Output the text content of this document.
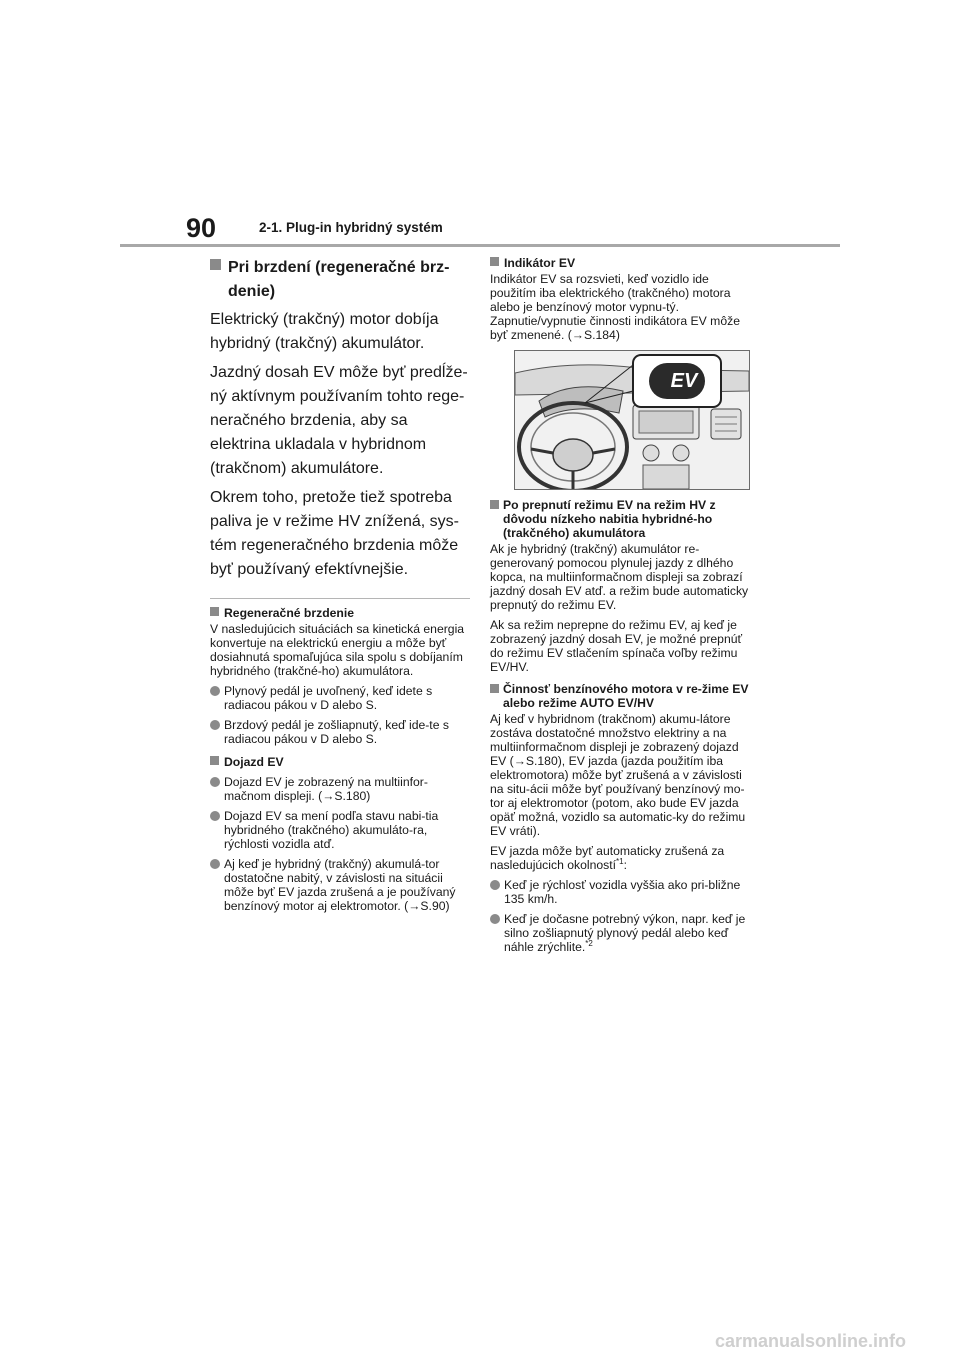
90	2-1. Plug-in hybridný systém
Pri brzdení (regeneračné brz-
denie)

Elektrický (trakčný) motor dobíja hybridný (trakčný) akumulátor.

Jazdný dosah EV môže byť predĺže-ný aktívnym používaním tohto rege-neračného brzdenia, aby sa elektrina ukladala v hybridnom (trakčnom) akumulátore.

Okrem toho, pretože tiež spotreba paliva je v režime HV znížená, sys-tém regeneračného brzdenia môže byť používaný efektívnejšie.

Regeneračné brzdenie

V nasledujúcich situáciách sa kinetická energia konvertuje na elektrickú energiu a môže byť dosiahnutá spomaľujúca sila spolu s dobíjaním hybridného (trakčné-ho) akumulátora.

Plynový pedál je uvoľnený, keď idete s radiacou pákou v D alebo S.
Brzdový pedál je zošliapnutý, keď ide-te s radiacou pákou v D alebo S.
Dojazd EV
Dojazd EV je zobrazený na multiinfor-mačnom displeji. (→S.180)
Dojazd EV sa mení podľa stavu nabi-tia hybridného (trakčného) akumuláto-ra, rýchlosti vozidla atď.
Aj keď je hybridný (trakčný) akumulá-tor dostatočne nabitý, v závislosti na situácii môže byť EV jazda zrušená a je používaný benzínový motor aj elektromotor. (→S.90)
Indikátor EV

Indikátor EV sa rozsvieti, keď vozidlo ide použitím iba elektrického (trakčného) motora alebo je benzínový motor vypnu-tý. Zapnutie/vypnutie činnosti indikátora EV môže byť zmenené. (→S.184)

EV
Po prepnutí režimu EV na režim HV z dôvodu nízkeho nabitia hybridné-ho (trakčného) akumulátora

Ak je hybridný (trakčný) akumulátor re-generovaný pomocou plynulej jazdy z dlhého kopca, na multiinformačnom displeji sa zobrazí jazdný dosah EV atď. a režim bude automaticky prepnutý do režimu EV.

Ak sa režim neprepne do režimu EV, aj keď je zobrazený jazdný dosah EV, je možné prepnúť do režimu EV stlačením spínača voľby režimu EV/HV.

Činnosť benzínového motora v re-žime EV alebo režime AUTO EV/HV

Aj keď v hybridnom (trakčnom) akumu-látore zostáva dostatočné množstvo elektriny a na multiinformačnom displeji je zobrazený dojazd EV (→S.180), EV jazda (jazda použitím iba elektromotora) môže byť zrušená a v závislosti na situ-ácii môže byť používaný benzínový mo-tor aj elektromotor (potom, ako bude EV jazda opäť možná, vozidlo sa automatic-ky do režimu EV vráti).

EV jazda môže byť automaticky zrušená za nasledujúcich okolností$^{*1}$:

Keď je rýchlosť vozidla vyššia ako pri-bližne 135 km/h.
Keď je dočasne potrebný výkon, napr. keď je silno zošliapnutý plynový pedál alebo keď náhle zrýchlite.$^{*2}$
carmanualsonline.info
